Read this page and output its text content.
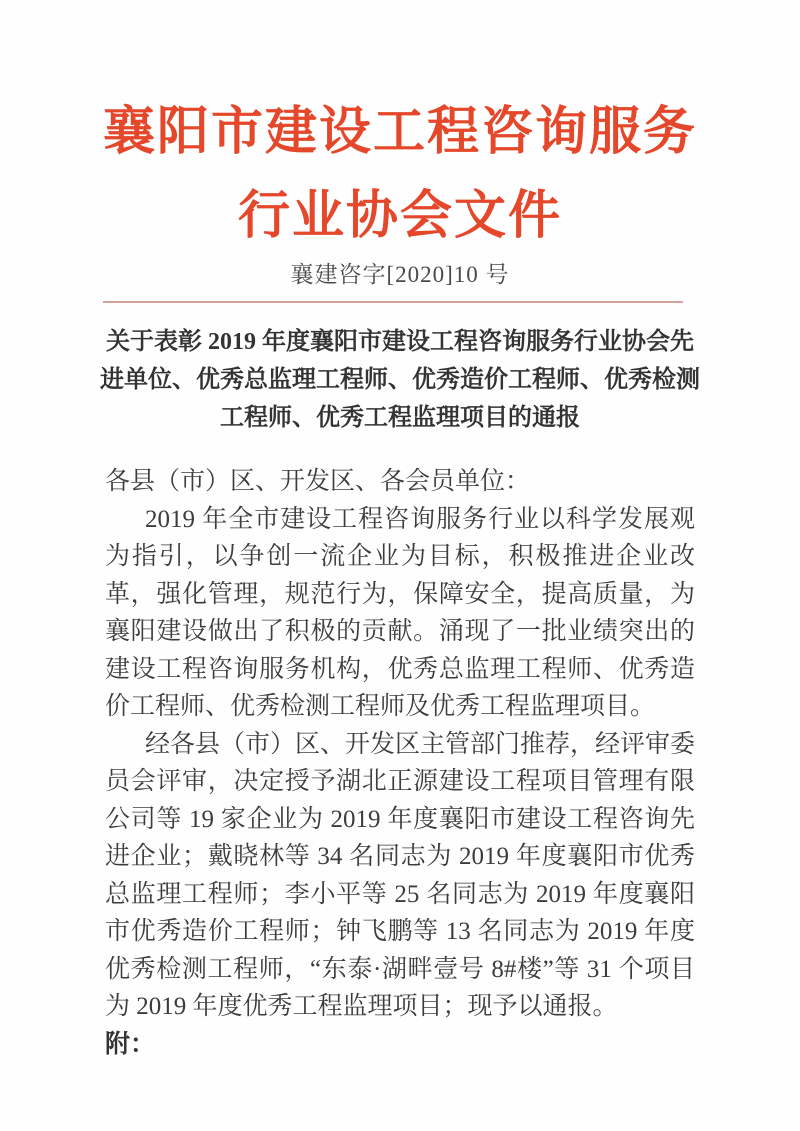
襄阳市建设工程咨询服务
行业协会文件
襄建咨字[2020]10 号
关于表彰 2019 年度襄阳市建设工程咨询服务行业协会先进单位、优秀总监理工程师、优秀造价工程师、优秀检测工程师、优秀工程监理项目的通报

各县（市）区、开发区、各会员单位：

2019 年全市建设工程咨询服务行业以科学发展观为指引，以争创一流企业为目标，积极推进企业改革，强化管理，规范行为，保障安全，提高质量，为襄阳建设做出了积极的贡献。涌现了一批业绩突出的建设工程咨询服务机构，优秀总监理工程师、优秀造价工程师、优秀检测工程师及优秀工程监理项目。

经各县（市）区、开发区主管部门推荐，经评审委员会评审，决定授予湖北正源建设工程项目管理有限公司等 19 家企业为 2019 年度襄阳市建设工程咨询先进企业；戴晓林等 34 名同志为 2019 年度襄阳市优秀总监理工程师；李小平等 25 名同志为 2019 年度襄阳市优秀造价工程师；钟飞鹏等 13 名同志为 2019 年度优秀检测工程师，“东泰·湖畔壹号 8#楼”等 31 个项目为 2019 年度优秀工程监理项目；现予以通报。

附：
